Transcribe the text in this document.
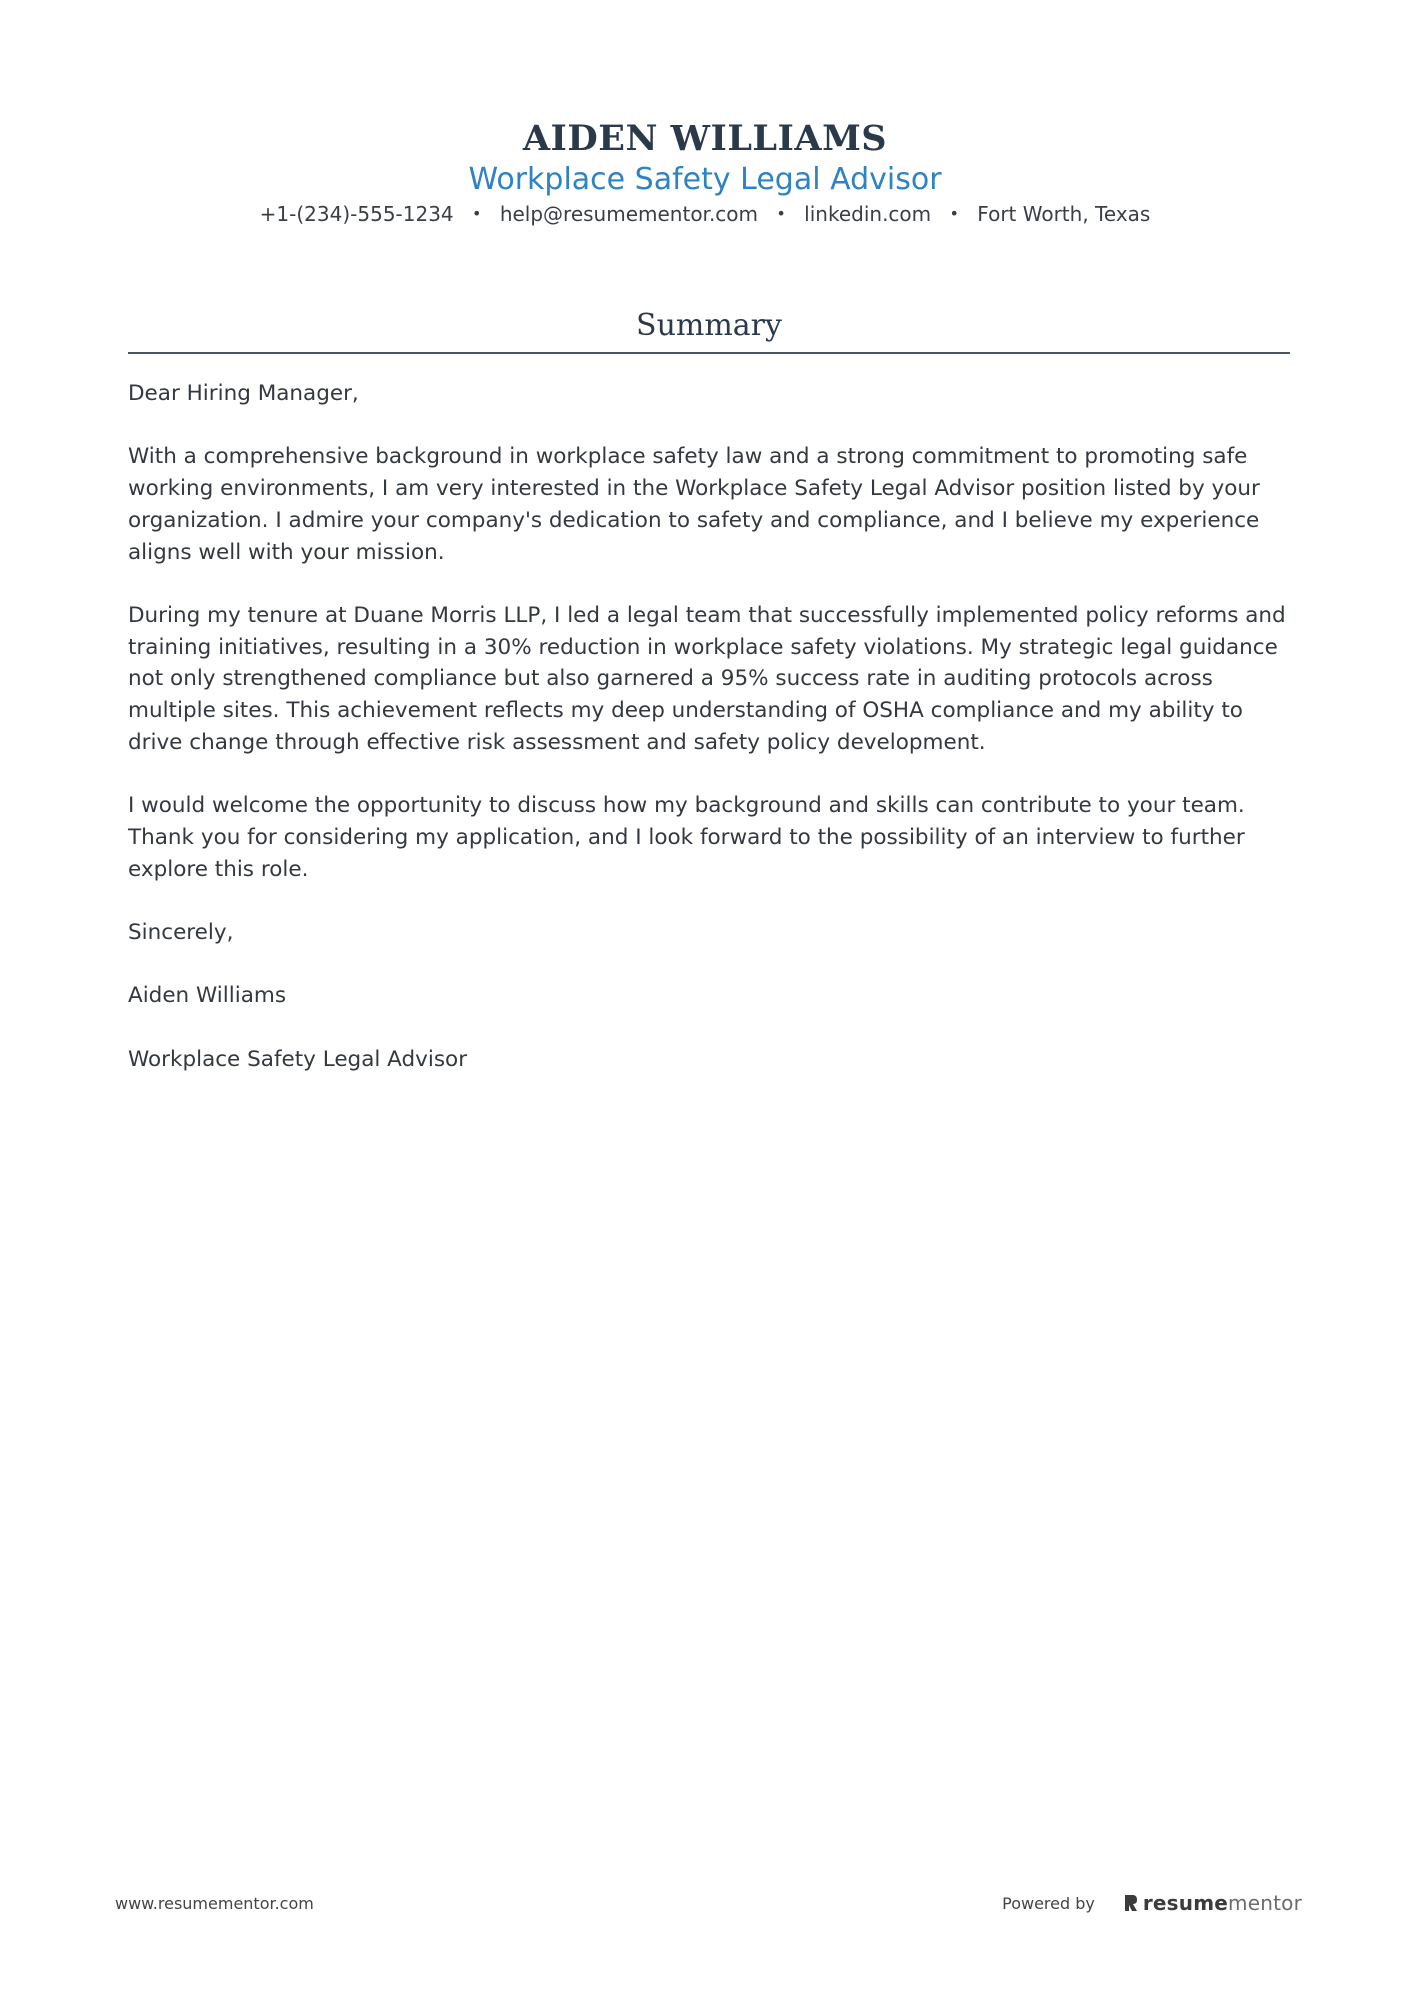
AIDEN WILLIAMS
Workplace Safety Legal Advisor
+1-(234)-555-1234 • help@resumementor.com • linkedin.com • Fort Worth, Texas
Summary

Dear Hiring Manager,

With a comprehensive background in workplace safety law and a strong commitment to promoting safe working environments, I am very interested in the Workplace Safety Legal Advisor position listed by your organization. I admire your company's dedication to safety and compliance, and I believe my experience aligns well with your mission.

During my tenure at Duane Morris LLP, I led a legal team that successfully implemented policy reforms and training initiatives, resulting in a 30% reduction in workplace safety violations. My strategic legal guidance not only strengthened compliance but also garnered a 95% success rate in auditing protocols across multiple sites. This achievement reflects my deep understanding of OSHA compliance and my ability to drive change through effective risk assessment and safety policy development.

I would welcome the opportunity to discuss how my background and skills can contribute to your team. Thank you for considering my application, and I look forward to the possibility of an interview to further explore this role.

Sincerely,

Aiden Williams

Workplace Safety Legal Advisor

www.resumementor.com	Powered by resume mentor
